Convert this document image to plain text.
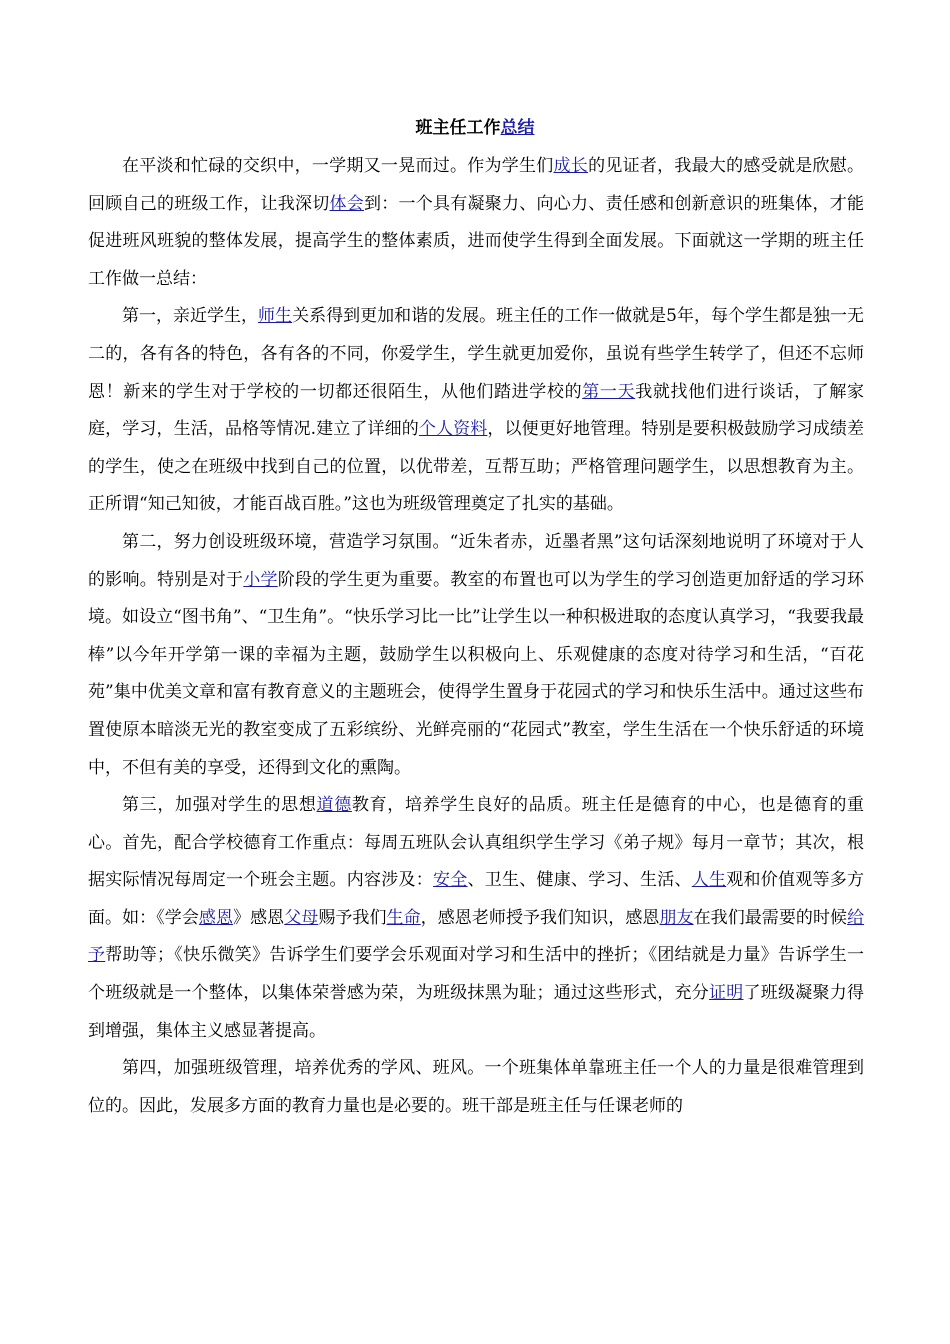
班主任工作总结

在平淡和忙碌的交织中，一学期又一晃而过。作为学生们成长的见证者，我最大的感受就是欣慰。回顾自己的班级工作，让我深切体会到：一个具有凝聚力、向心力、责任感和创新意识的班集体，才能促进班风班貌的整体发展，提高学生的整体素质，进而使学生得到全面发展。下面就这一学期的班主任工作做一总结：

第一，亲近学生，师生关系得到更加和谐的发展。班主任的工作一做就是5年，每个学生都是独一无二的，各有各的特色，各有各的不同，你爱学生，学生就更加爱你，虽说有些学生转学了，但还不忘师恩！新来的学生对于学校的一切都还很陌生，从他们踏进学校的第一天我就找他们进行谈话，了解家庭，学习，生活，品格等情况.建立了详细的个人资料，以便更好地管理。特别是要积极鼓励学习成绩差的学生，使之在班级中找到自己的位置，以优带差，互帮互助；严格管理问题学生，以思想教育为主。正所谓“知己知彼，才能百战百胜。”这也为班级管理奠定了扎实的基础。

第二，努力创设班级环境，营造学习氛围。“近朱者赤，近墨者黑”这句话深刻地说明了环境对于人的影响。特别是对于小学阶段的学生更为重要。教室的布置也可以为学生的学习创造更加舒适的学习环境。如设立“图书角”、“卫生角”。“快乐学习比一比”让学生以一种积极进取的态度认真学习，“我要我最棒”以今年开学第一课的幸福为主题，鼓励学生以积极向上、乐观健康的态度对待学习和生活，“百花苑”集中优美文章和富有教育意义的主题班会，使得学生置身于花园式的学习和快乐生活中。通过这些布置使原本暗淡无光的教室变成了五彩缤纷、光鲜亮丽的“花园式”教室，学生生活在一个快乐舒适的环境中，不但有美的享受，还得到文化的熏陶。

第三，加强对学生的思想道德教育，培养学生良好的品质。班主任是德育的中心，也是德育的重心。首先，配合学校德育工作重点：每周五班队会认真组织学生学习《弟子规》每月一章节；其次，根据实际情况每周定一个班会主题。内容涉及：安全、卫生、健康、学习、生活、人生观和价值观等多方面。如：《学会感恩》感恩父母赐予我们生命，感恩老师授予我们知识，感恩朋友在我们最需要的时候给予帮助等；《快乐微笑》告诉学生们要学会乐观面对学习和生活中的挫折；《团结就是力量》告诉学生一个班级就是一个整体，以集体荣誉感为荣，为班级抹黑为耻；通过这些形式，充分证明了班级凝聚力得到增强，集体主义感显著提高。

第四，加强班级管理，培养优秀的学风、班风。一个班集体单靠班主任一个人的力量是很难管理到位的。因此，发展多方面的教育力量也是必要的。班干部是班主任与任课老师的
